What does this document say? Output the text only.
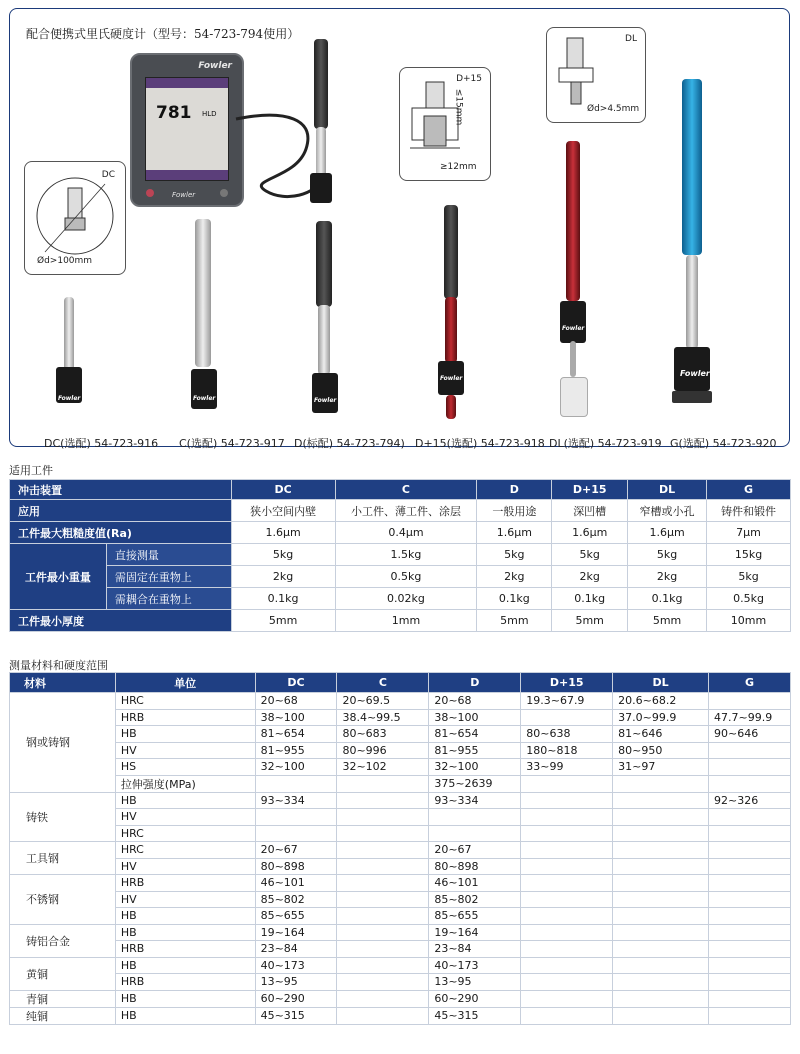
配合便携式里氏硬度计（型号：54-723-794使用）
DC
Ød>100mm
Fowler
781 HLD
Fowler
D+15
≤15mm
≥12mm
DL
Ød>4.5mm
Fowler	Fowler	Fowler
Fowler
Fowler
Fowler
DC(选配) 54-723-916 C(选配) 54-723-917 D(标配) 54-723-794) D+15(选配) 54-723-918 DL(选配) 54-723-919 G(选配) 54-723-920
适用工件
冲击装置		DC	C	D	D+15	DL	G
应用		狭小空间内壁	小工件、薄工件、涂层	一般用途	深凹槽	窄槽或小孔	铸件和锻件
工件最大粗糙度值(Ra)		1.6μm	0.4μm	1.6μm	1.6μm	1.6μm	7μm
工件最小重量	直接测量	5kg	1.5kg	5kg	5kg	5kg	15kg
	需固定在重物上	2kg	0.5kg	2kg	2kg	2kg	5kg
	需耦合在重物上	0.1kg	0.02kg	0.1kg	0.1kg	0.1kg	0.5kg
工件最小厚度		5mm	1mm	5mm	5mm	5mm	10mm
测量材料和硬度范围
材料	单位	DC	C	D	D+15	DL	G
钢或铸钢	HRC	20~68	20~69.5	20~68	19.3~67.9	20.6~68.2	
	HRB	38~100	38.4~99.5	38~100		37.0~99.9	47.7~99.9
	HB	81~654	80~683	81~654	80~638	81~646	90~646
	HV	81~955	80~996	81~955	180~818	80~950	
	HS	32~100	32~102	32~100	33~99	31~97	
	拉伸强度(MPa)			375~2639			
铸铁	HB	93~334		93~334			92~326
	HV						
	HRC						
工具钢	HRC	20~67		20~67			
	HV	80~898		80~898			
不锈钢	HRB	46~101		46~101			
	HV	85~802		85~802			
	HB	85~655		85~655			
铸铝合金	HB	19~164		19~164			
	HRB	23~84		23~84			
黄铜	HB	40~173		40~173			
	HRB	13~95		13~95			
青铜	HB	60~290		60~290			
纯铜	HB	45~315		45~315			
